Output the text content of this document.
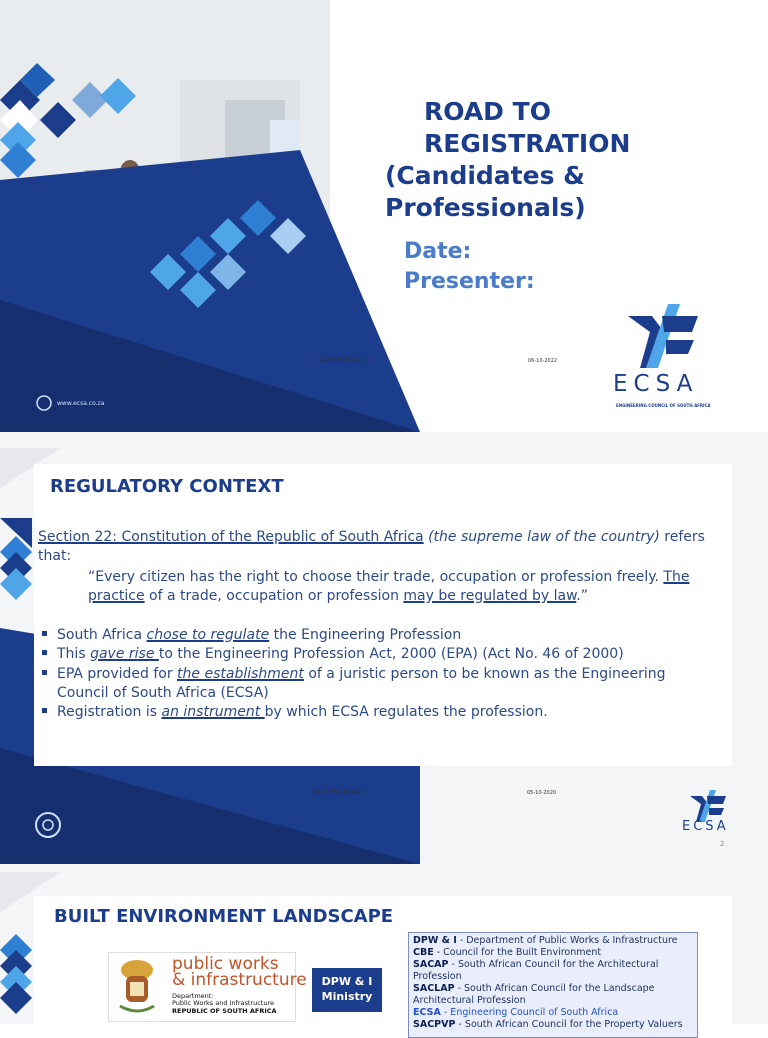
ROAD TO
REGISTRATION
(Candidates &
Professionals)
Date:
Presenter:
SRM_TEM_009 Rev 1	06-10-2022
www.ecsa.co.za
ECSA
ENGINEERING COUNCIL OF SOUTH AFRICA
REGULATORY CONTEXT
Section 22: Constitution of the Republic of South Africa (the supreme law of the country) refers that:
“Every citizen has the right to choose their trade, occupation or profession freely. The practice of a trade, occupation or profession may be regulated by law.”
South Africa chose to regulate the Engineering Profession
This gave rise to the Engineering Profession Act, 2000 (EPA) (Act No. 46 of 2000)
EPA provided for the establishment of a juristic person to be known as the Engineering Council of South Africa (ECSA)
Registration is an instrument by which ECSA regulates the profession.
SRM_TEM_009 Rev 0	05-10-2020
ECSA
2
BUILT ENVIRONMENT LANDSCAPE
public works
& infrastructure
Department:
Public Works and Infrastructure
REPUBLIC OF SOUTH AFRICA
DPW & I
Ministry
DPW & I - Department of Public Works & Infrastructure
CBE - Council for the Built Environment
SACAP - South African Council for the Architectural Profession
SACLAP - South African Council for the Landscape Architectural Profession
ECSA - Engineering Council of South Africa
SACPVP - South African Council for the Property Valuers
